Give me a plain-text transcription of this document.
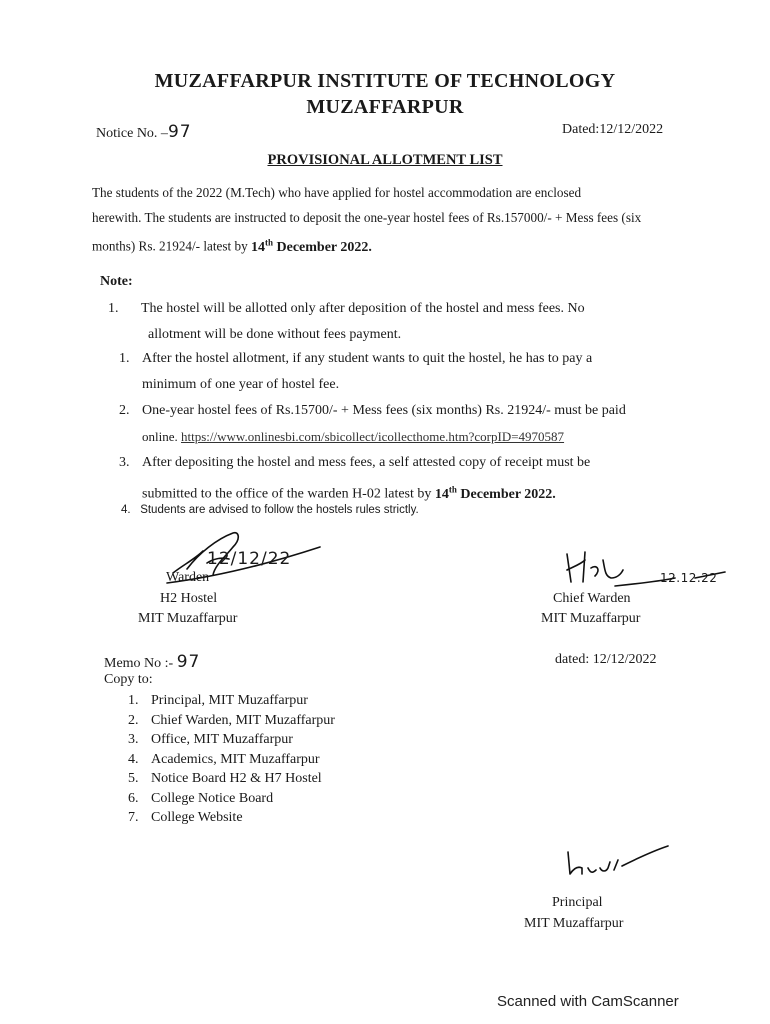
MUZAFFARPUR INSTITUTE OF TECHNOLOGY
MUZAFFARPUR
Notice No. –97	Dated:12/12/2022
PROVISIONAL ALLOTMENT LIST
The students of the 2022 (M.Tech) who have applied for hostel accommodation are enclosed
herewith. The students are instructed to deposit the one-year hostel fees of Rs.157000/- + Mess fees (six
months) Rs. 21924/- latest by 14th December 2022.
Note:
1.	The hostel will be allotted only after deposition of the hostel and mess fees. No
allotment will be done without fees payment.
1. After the hostel allotment, if any student wants to quit the hostel, he has to pay a
minimum of one year of hostel fee.
2. One-year hostel fees of Rs.15700/- + Mess fees (six months) Rs. 21924/- must be paid
online. https://www.onlinesbi.com/sbicollect/icollecthome.htm?corpID=4970587
3. After depositing the hostel and mess fees, a self attested copy of receipt must be
submitted to the office of the warden H-02 latest by 14th December 2022.
4. Students are advised to follow the hostels rules strictly.
12/12/22
Warden
H2 Hostel
MIT Muzaffarpur
12.12.22
Chief Warden
MIT Muzaffarpur
Memo No :- 97	dated: 12/12/2022
Copy to:
1. Principal, MIT Muzaffarpur
2. Chief Warden, MIT Muzaffarpur
3. Office, MIT Muzaffarpur
4. Academics, MIT Muzaffarpur
5. Notice Board H2 & H7 Hostel
6. College Notice Board
7. College Website
Principal
MIT Muzaffarpur
Scanned with CamScanner
